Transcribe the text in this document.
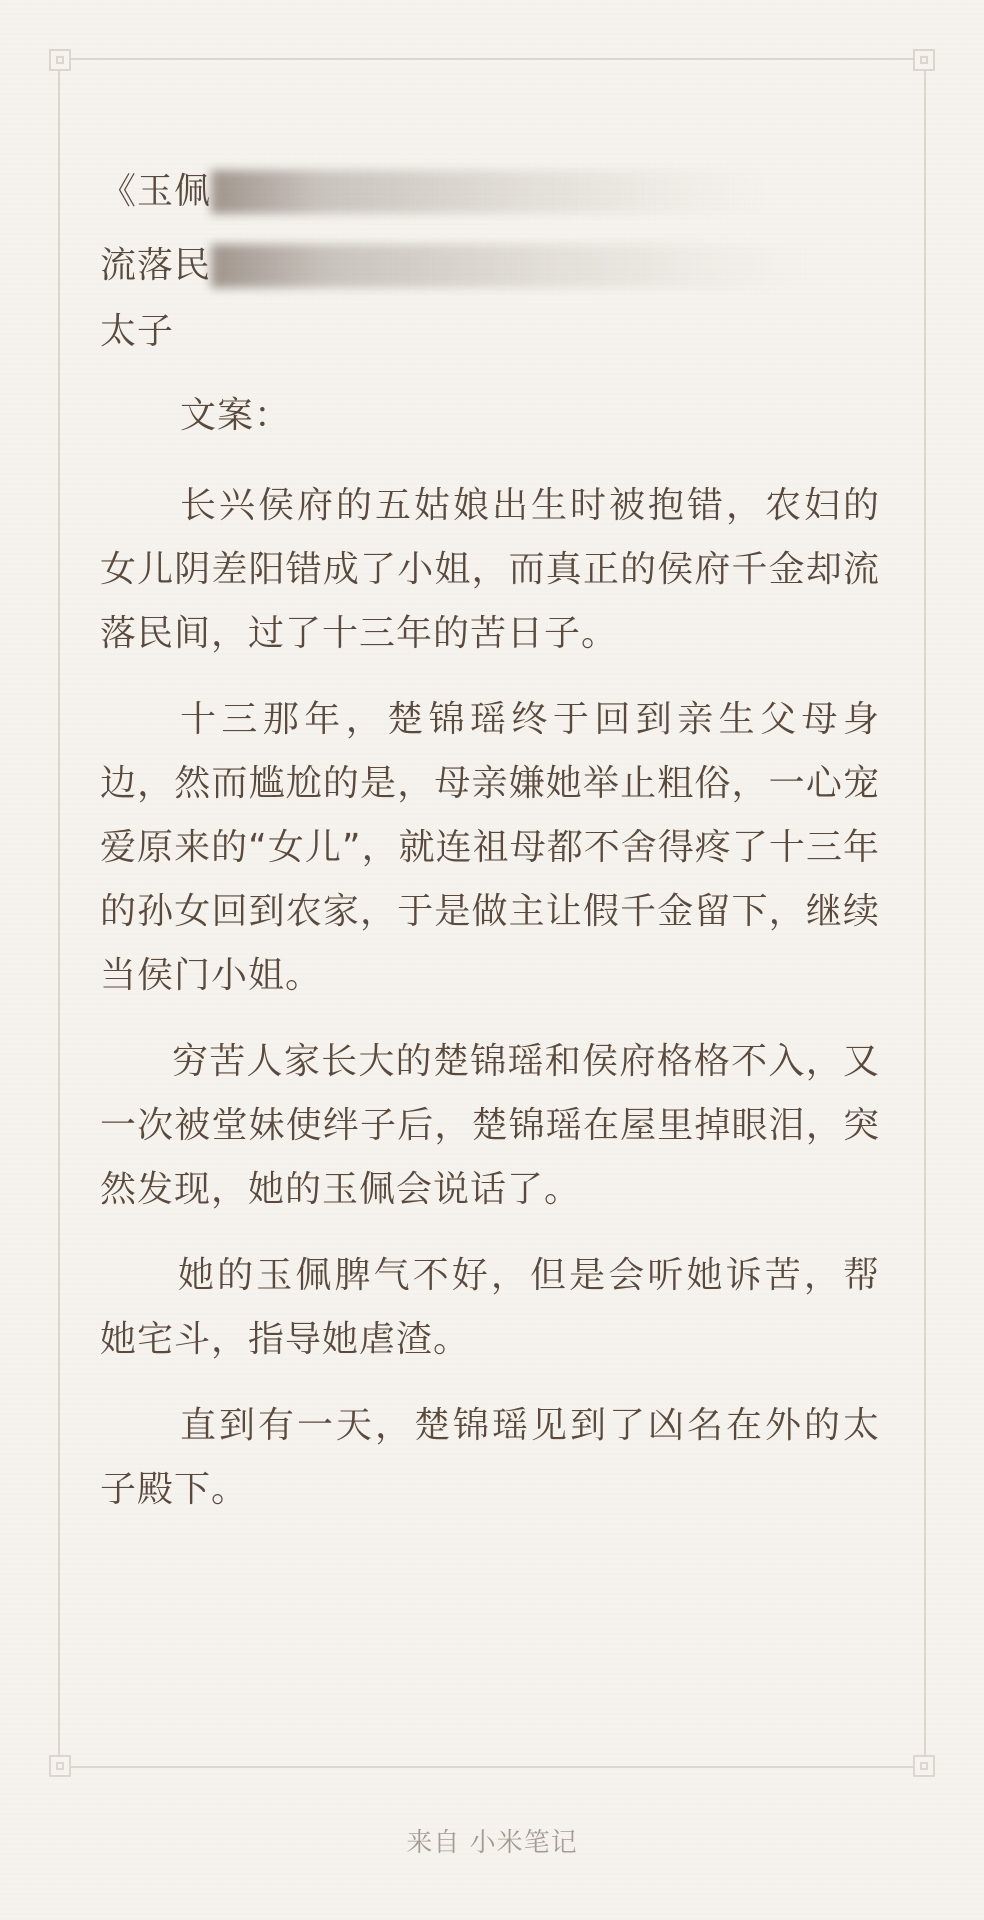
《玉佩
流落民
太子
文案：
长兴侯府的五姑娘出生时被抱错，农妇的女儿阴差阳错成了小姐，而真正的侯府千金却流落民间，过了十三年的苦日子。
十三那年，楚锦瑶终于回到亲生父母身边，然而尴尬的是，母亲嫌她举止粗俗，一心宠爱原来的“女儿”，就连祖母都不舍得疼了十三年的孙女回到农家，于是做主让假千金留下，继续当侯门小姐。
穷苦人家长大的楚锦瑶和侯府格格不入，又一次被堂妹使绊子后，楚锦瑶在屋里掉眼泪，突然发现，她的玉佩会说话了。
她的玉佩脾气不好，但是会听她诉苦，帮她宅斗，指导她虐渣。
直到有一天，楚锦瑶见到了凶名在外的太子殿下。
来自 小米笔记
